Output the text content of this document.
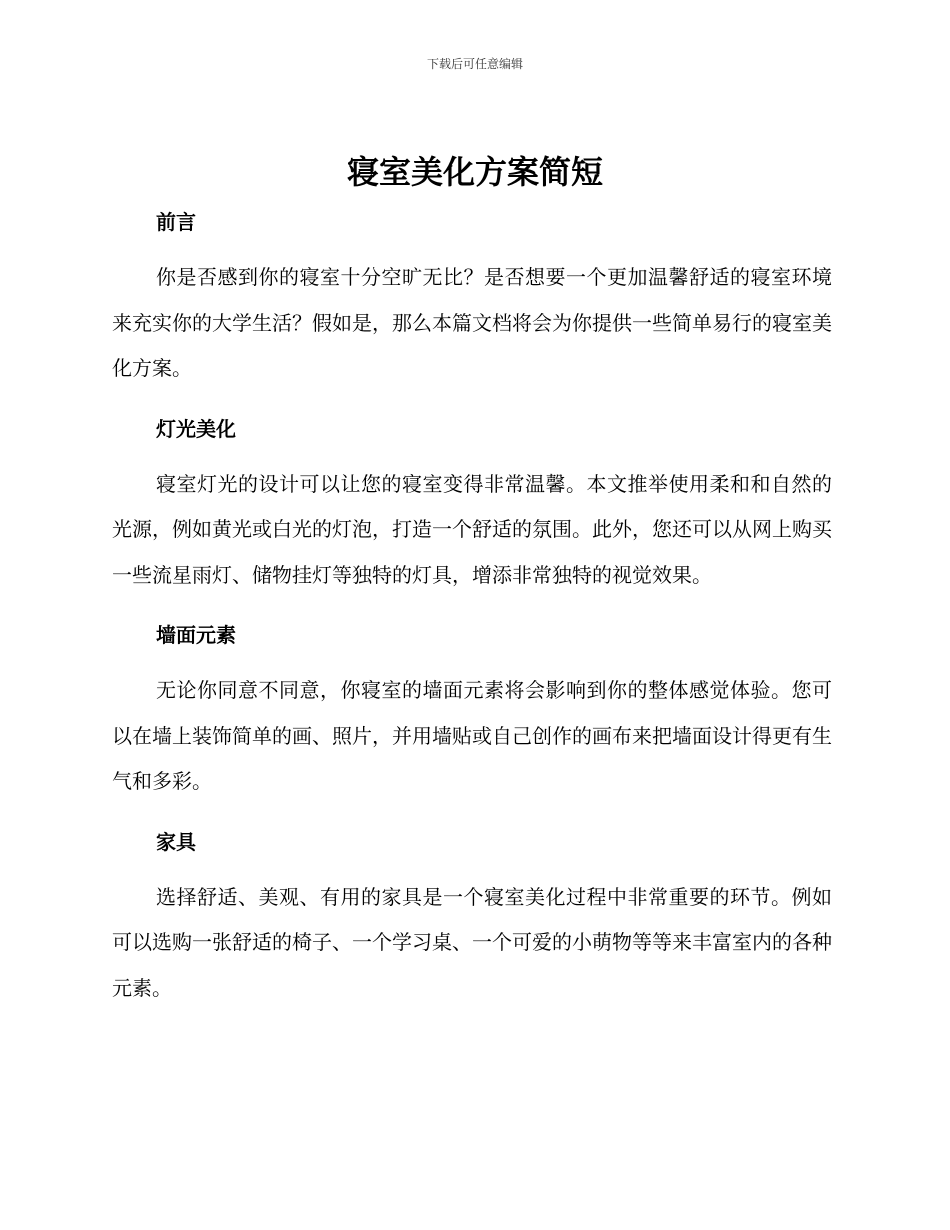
下载后可任意编辑
寝室美化方案简短
前言

你是否感到你的寝室十分空旷无比？是否想要一个更加温馨舒适的寝室环境来充实你的大学生活？假如是，那么本篇文档将会为你提供一些简单易行的寝室美化方案。

灯光美化

寝室灯光的设计可以让您的寝室变得非常温馨。本文推举使用柔和和自然的光源，例如黄光或白光的灯泡，打造一个舒适的氛围。此外，您还可以从网上购买一些流星雨灯、储物挂灯等独特的灯具，增添非常独特的视觉效果。

墙面元素

无论你同意不同意，你寝室的墙面元素将会影响到你的整体感觉体验。您可以在墙上装饰简单的画、照片，并用墙贴或自己创作的画布来把墙面设计得更有生气和多彩。

家具

选择舒适、美观、有用的家具是一个寝室美化过程中非常重要的环节。例如可以选购一张舒适的椅子、一个学习桌、一个可爱的小萌物等等来丰富室内的各种元素。
